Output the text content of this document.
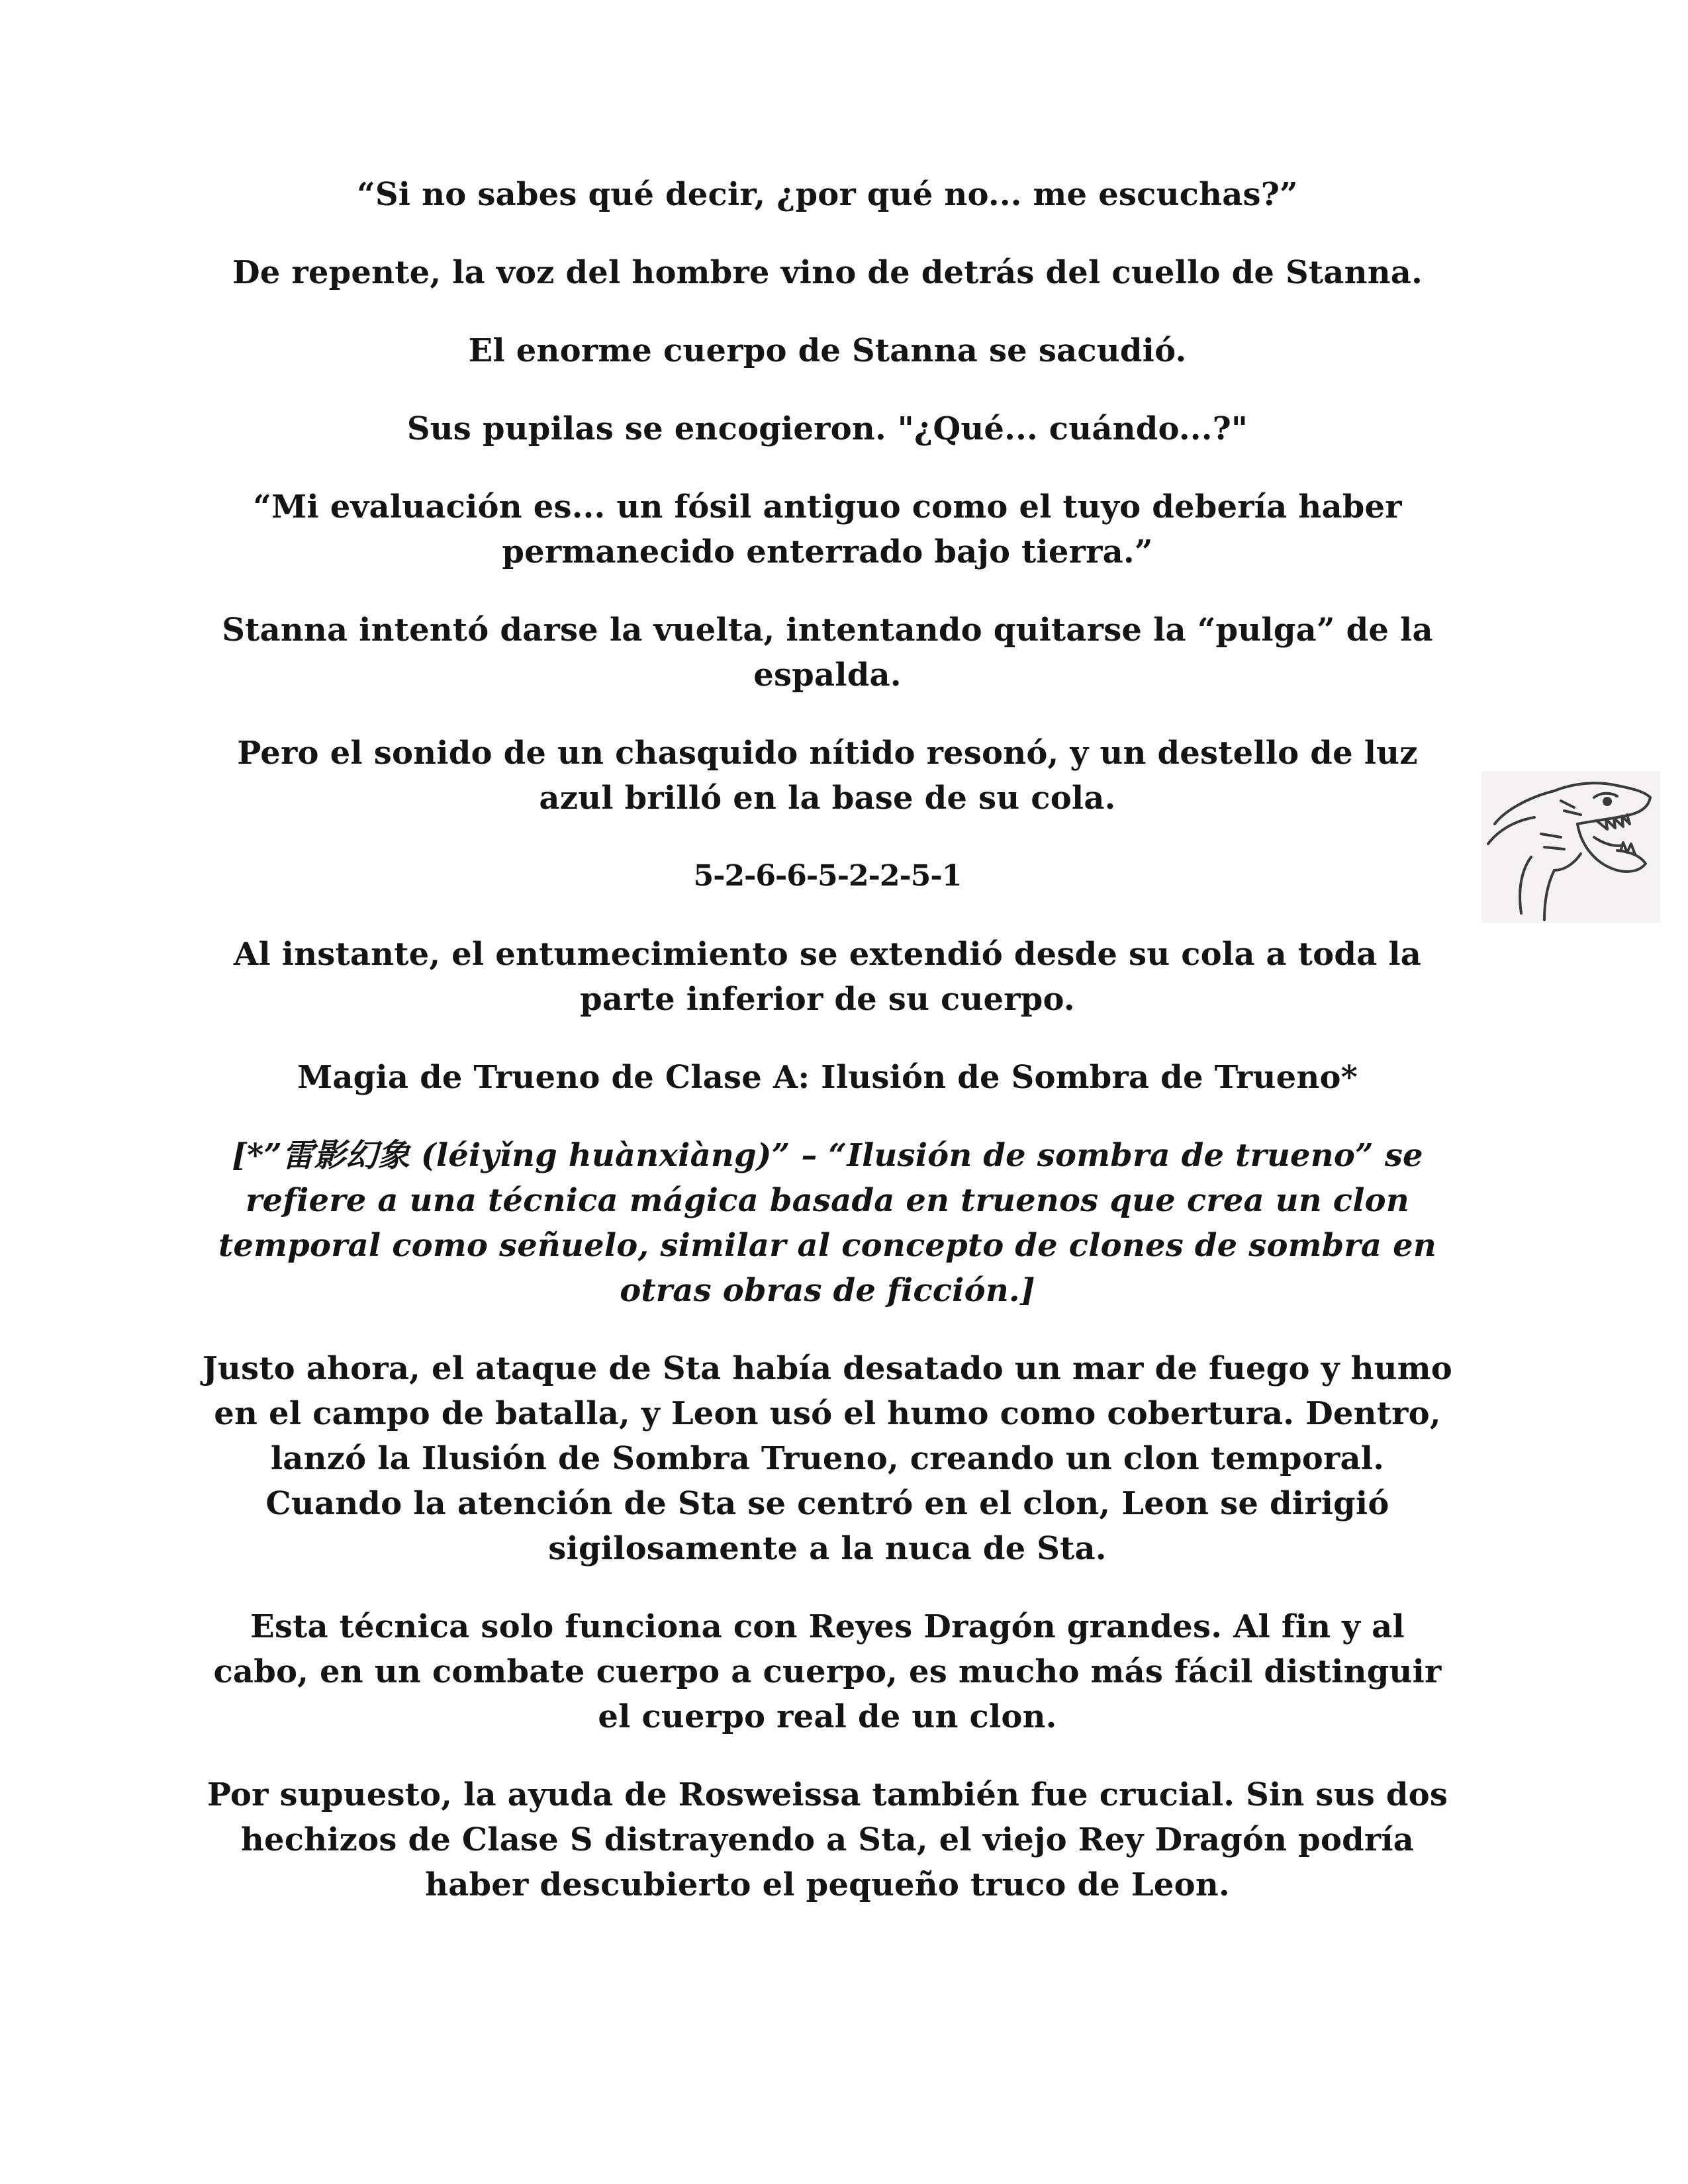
“Si no sabes qué decir, ¿por qué no... me escuchas?”

De repente, la voz del hombre vino de detrás del cuello de Stanna.

El enorme cuerpo de Stanna se sacudió.

Sus pupilas se encogieron. "¿Qué... cuándo...?"

“Mi evaluación es... un fósil antiguo como el tuyo debería haber permanecido enterrado bajo tierra.”

Stanna intentó darse la vuelta, intentando quitarse la “pulga” de la espalda.

Pero el sonido de un chasquido nítido resonó, y un destello de luz azul brilló en la base de su cola.

5-2-6-6-5-2-2-5-1

Al instante, el entumecimiento se extendió desde su cola a toda la parte inferior de su cuerpo.

Magia de Trueno de Clase A: Ilusión de Sombra de Trueno*

[*”雷影幻象 (léiyǐng huànxiàng)” – “Ilusión de sombra de trueno” se refiere a una técnica mágica basada en truenos que crea un clon temporal como señuelo, similar al concepto de clones de sombra en otras obras de ficción.]

Justo ahora, el ataque de Sta había desatado un mar de fuego y humo en el campo de batalla, y Leon usó el humo como cobertura. Dentro, lanzó la Ilusión de Sombra Trueno, creando un clon temporal. Cuando la atención de Sta se centró en el clon, Leon se dirigió sigilosamente a la nuca de Sta.

Esta técnica solo funciona con Reyes Dragón grandes. Al fin y al cabo, en un combate cuerpo a cuerpo, es mucho más fácil distinguir el cuerpo real de un clon.

Por supuesto, la ayuda de Rosweissa también fue crucial. Sin sus dos hechizos de Clase S distrayendo a Sta, el viejo Rey Dragón podría haber descubierto el pequeño truco de Leon.
